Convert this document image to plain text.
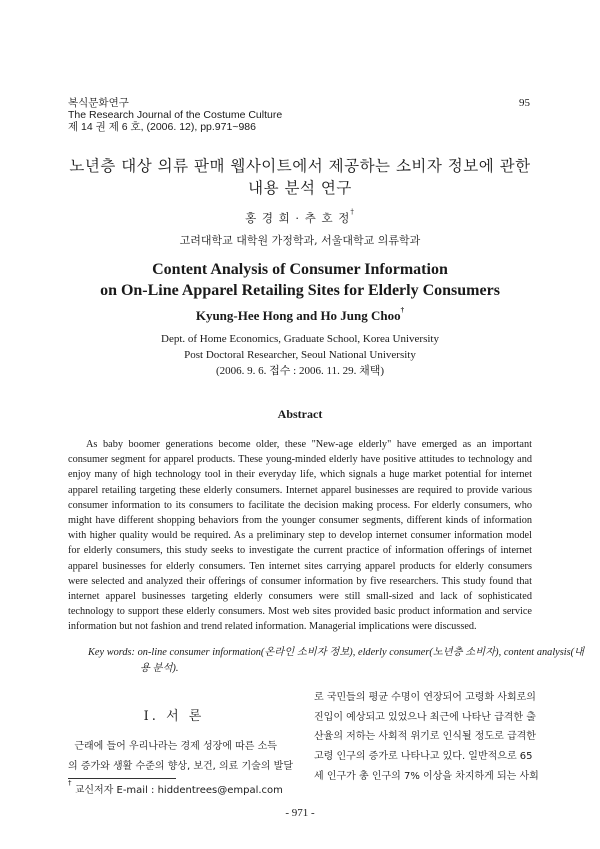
복식문화연구
The Research Journal of the Costume Culture
제 14 권 제 6 호, (2006. 12), pp.971~986
95
노년층 대상 의류 판매 웹사이트에서 제공하는 소비자 정보에 관한
내용 분석 연구
홍 경 희 · 추 호 정†
고려대학교 대학원 가정학과, 서울대학교 의류학과
Content Analysis of Consumer Information
on On-Line Apparel Retailing Sites for Elderly Consumers
Kyung-Hee Hong and Ho Jung Choo†
Dept. of Home Economics, Graduate School, Korea University
Post Doctoral Researcher, Seoul National University
(2006. 9. 6. 접수 : 2006. 11. 29. 채택)
Abstract
As baby boomer generations become older, these "New-age elderly" have emerged as an important consumer segment for apparel products. These young-minded elderly have positive attitudes to technology and enjoy many of high technology tool in their everyday life, which signals a huge market potential for internet apparel retailing targeting these elderly consumers. Internet apparel businesses are required to provide various consumer information to its consumers to facilitate the decision making process. For elderly consumers, who might have different shopping behaviors from the younger consumer segments, different kinds of information with higher quality would be required. As a preliminary step to develop internet consumer information model for elderly consumers, this study seeks to investigate the current practice of information offerings of internet apparel businesses for elderly consumers. Ten internet sites carrying apparel products for elderly consumers were selected and analyzed their offerings of consumer information by five researchers. This study found that internet apparel businesses targeting elderly consumers were still small-sized and lack of sophisticated technology to support these elderly consumers. Most web sites provided basic product information and service information but not fashion and trend related information. Managerial implications were discussed.
Key words: on-line consumer information(온라인 소비자 정보), elderly consumer(노년층 소비자), content analysis(내용 분석).
Ⅰ. 서 론
근래에 들어 우리나라는 경제 성장에 따른 소득
의 증가와 생활 수준의 향상, 보건, 의료 기술의 발달
로 국민들의 평균 수명이 연장되어 고령화 사회로의
진입이 예상되고 있었으나 최근에 나타난 급격한 출
산율의 저하는 사회적 위기로 인식될 정도로 급격한
고령 인구의 증가로 나타나고 있다. 일반적으로 65
세 인구가 총 인구의 7% 이상을 차지하게 되는 사회
† 교신저자 E-mail : hiddentrees@empal.com
- 971 -
